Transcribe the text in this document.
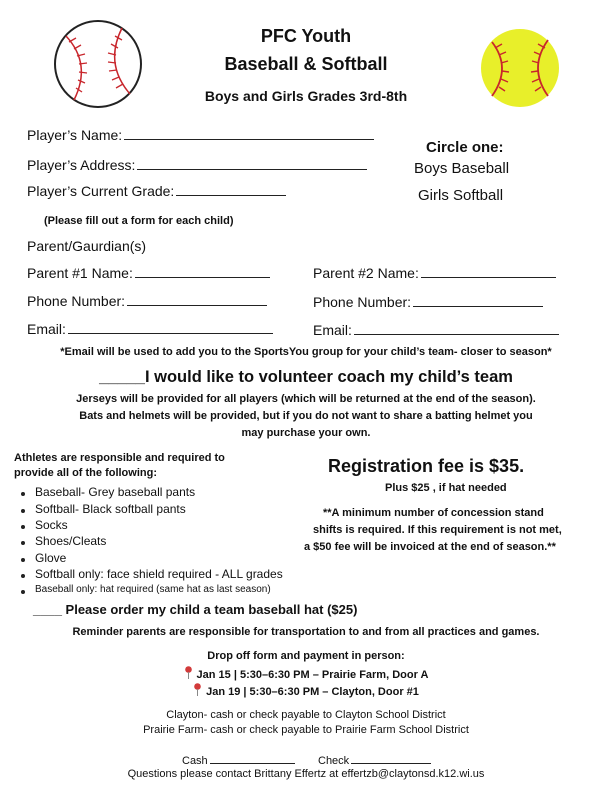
PFC Youth
Baseball & Softball
Boys and Girls Grades 3rd-8th
Player’s Name:
Player’s Address:
Player’s Current Grade:
Circle one:
Boys Baseball
Girls Softball
(Please fill out a form for each child)
Parent/Gaurdian(s)
Parent #1 Name:	Parent #2 Name:
Phone Number:	Phone Number:
Email:	Email:
*Email will be used to add you to the SportsYou group for your child’s team- closer to season*
_____I would like to volunteer coach my child’s team
Jerseys will be provided for all players (which will be returned at the end of the season).
Bats and helmets will be provided, but if you do not want to share a batting helmet you
may purchase your own.
Athletes are responsible and required to
provide all of the following:
Baseball- Grey baseball pants
Softball- Black softball pants
Socks
Shoes/Cleats
Glove
Softball only: face shield required - ALL grades
Baseball only: hat required (same hat as last season)
Registration fee is $35.
Plus $25 , if hat needed
**A minimum number of concession stand
shifts is required. If this requirement is not met,
a $50 fee will be invoiced at the end of season.**
____ Please order my child a team baseball hat ($25)
Reminder parents are responsible for transportation to and from all practices and games.
Drop off form and payment in person:
Jan 15 | 5:30–6:30 PM – Prairie Farm, Door A
Jan 19 | 5:30–6:30 PM – Clayton, Door #1
Clayton- cash or check payable to Clayton School District
Prairie Farm- cash or check payable to Prairie Farm School District
Cash	Check
Questions please contact Brittany Effertz at effertzb@claytonsd.k12.wi.us
